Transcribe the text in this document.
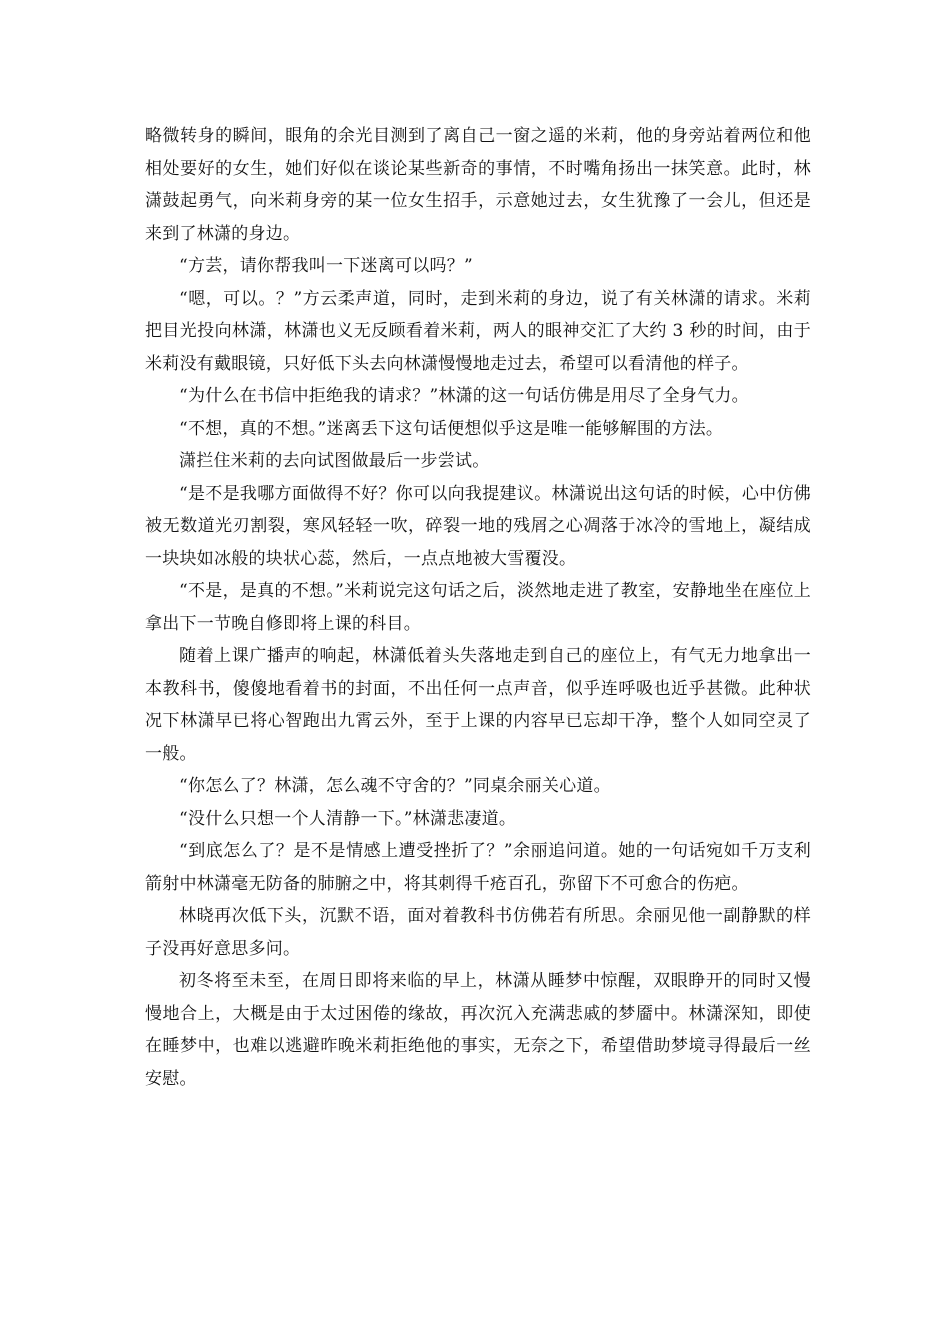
略微转身的瞬间，眼角的余光目测到了离自己一窗之遥的米莉，他的身旁站着两位和他相处要好的女生，她们好似在谈论某些新奇的事情，不时嘴角扬出一抹笑意。此时，林潇鼓起勇气，向米莉身旁的某一位女生招手，示意她过去，女生犹豫了一会儿，但还是来到了林潇的身边。

“方芸，请你帮我叫一下迷离可以吗？”

“嗯，可以。？”方云柔声道，同时，走到米莉的身边，说了有关林潇的请求。米莉把目光投向林潇，林潇也义无反顾看着米莉，两人的眼神交汇了大约 3 秒的时间，由于米莉没有戴眼镜，只好低下头去向林潇慢慢地走过去，希望可以看清他的样子。

“为什么在书信中拒绝我的请求？”林潇的这一句话仿佛是用尽了全身气力。

“不想，真的不想。”迷离丢下这句话便想似乎这是唯一能够解围的方法。

潇拦住米莉的去向试图做最后一步尝试。

“是不是我哪方面做得不好？你可以向我提建议。林潇说出这句话的时候，心中仿佛被无数道光刃割裂，寒风轻轻一吹，碎裂一地的残屑之心凋落于冰冷的雪地上，凝结成一块块如冰般的块状心蕊，然后，一点点地被大雪覆没。

“不是，是真的不想。”米莉说完这句话之后，淡然地走进了教室，安静地坐在座位上拿出下一节晚自修即将上课的科目。

随着上课广播声的响起，林潇低着头失落地走到自己的座位上，有气无力地拿出一本教科书，傻傻地看着书的封面，不出任何一点声音，似乎连呼吸也近乎甚微。此种状况下林潇早已将心智跑出九霄云外，至于上课的内容早已忘却干净，整个人如同空灵了一般。

“你怎么了？林潇，怎么魂不守舍的？”同桌余丽关心道。

“没什么只想一个人清静一下。”林潇悲凄道。

“到底怎么了？是不是情感上遭受挫折了？”余丽追问道。她的一句话宛如千万支利箭射中林潇毫无防备的肺腑之中，将其刺得千疮百孔，弥留下不可愈合的伤疤。

林晓再次低下头，沉默不语，面对着教科书仿佛若有所思。余丽见他一副静默的样子没再好意思多问。

初冬将至未至，在周日即将来临的早上，林潇从睡梦中惊醒，双眼睁开的同时又慢慢地合上，大概是由于太过困倦的缘故，再次沉入充满悲戚的梦靥中。林潇深知，即使在睡梦中，也难以逃避昨晚米莉拒绝他的事实，无奈之下，希望借助梦境寻得最后一丝安慰。
